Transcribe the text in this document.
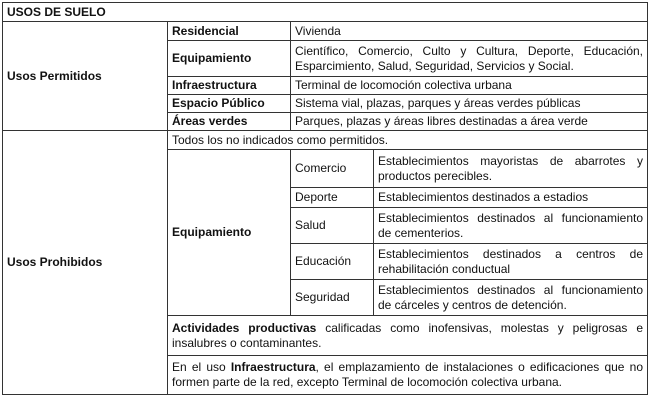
USOS DE SUELO			
Usos Permitidos	Residencial	Vivienda	
	Equipamiento	Científico, Comercio, Culto y Cultura, Deporte, Educación, Esparcimiento, Salud, Seguridad, Servicios y Social.	
	Infraestructura	Terminal de locomoción colectiva urbana	
	Espacio Público	Sistema vial, plazas, parques y áreas verdes públicas	
	Áreas verdes	Parques, plazas y áreas libres destinadas a área verde	
Usos Prohibidos	Todos los no indicados como permitidos.		
	Equipamiento	Comercio	Establecimientos mayoristas de abarrotes y productos perecibles.
		Deporte	Establecimientos destinados a estadios
		Salud	Establecimientos destinados al funcionamiento de cementerios.
		Educación	Establecimientos destinados a centros de rehabilitación conductual
		Seguridad	Establecimientos destinados al funcionamiento de cárceles y centros de detención.
	Actividades productivas calificadas como inofensivas, molestas y peligrosas e insalubres o contaminantes.		
	En el uso Infraestructura, el emplazamiento de instalaciones o edificaciones que no formen parte de la red, excepto Terminal de locomoción colectiva urbana.		
